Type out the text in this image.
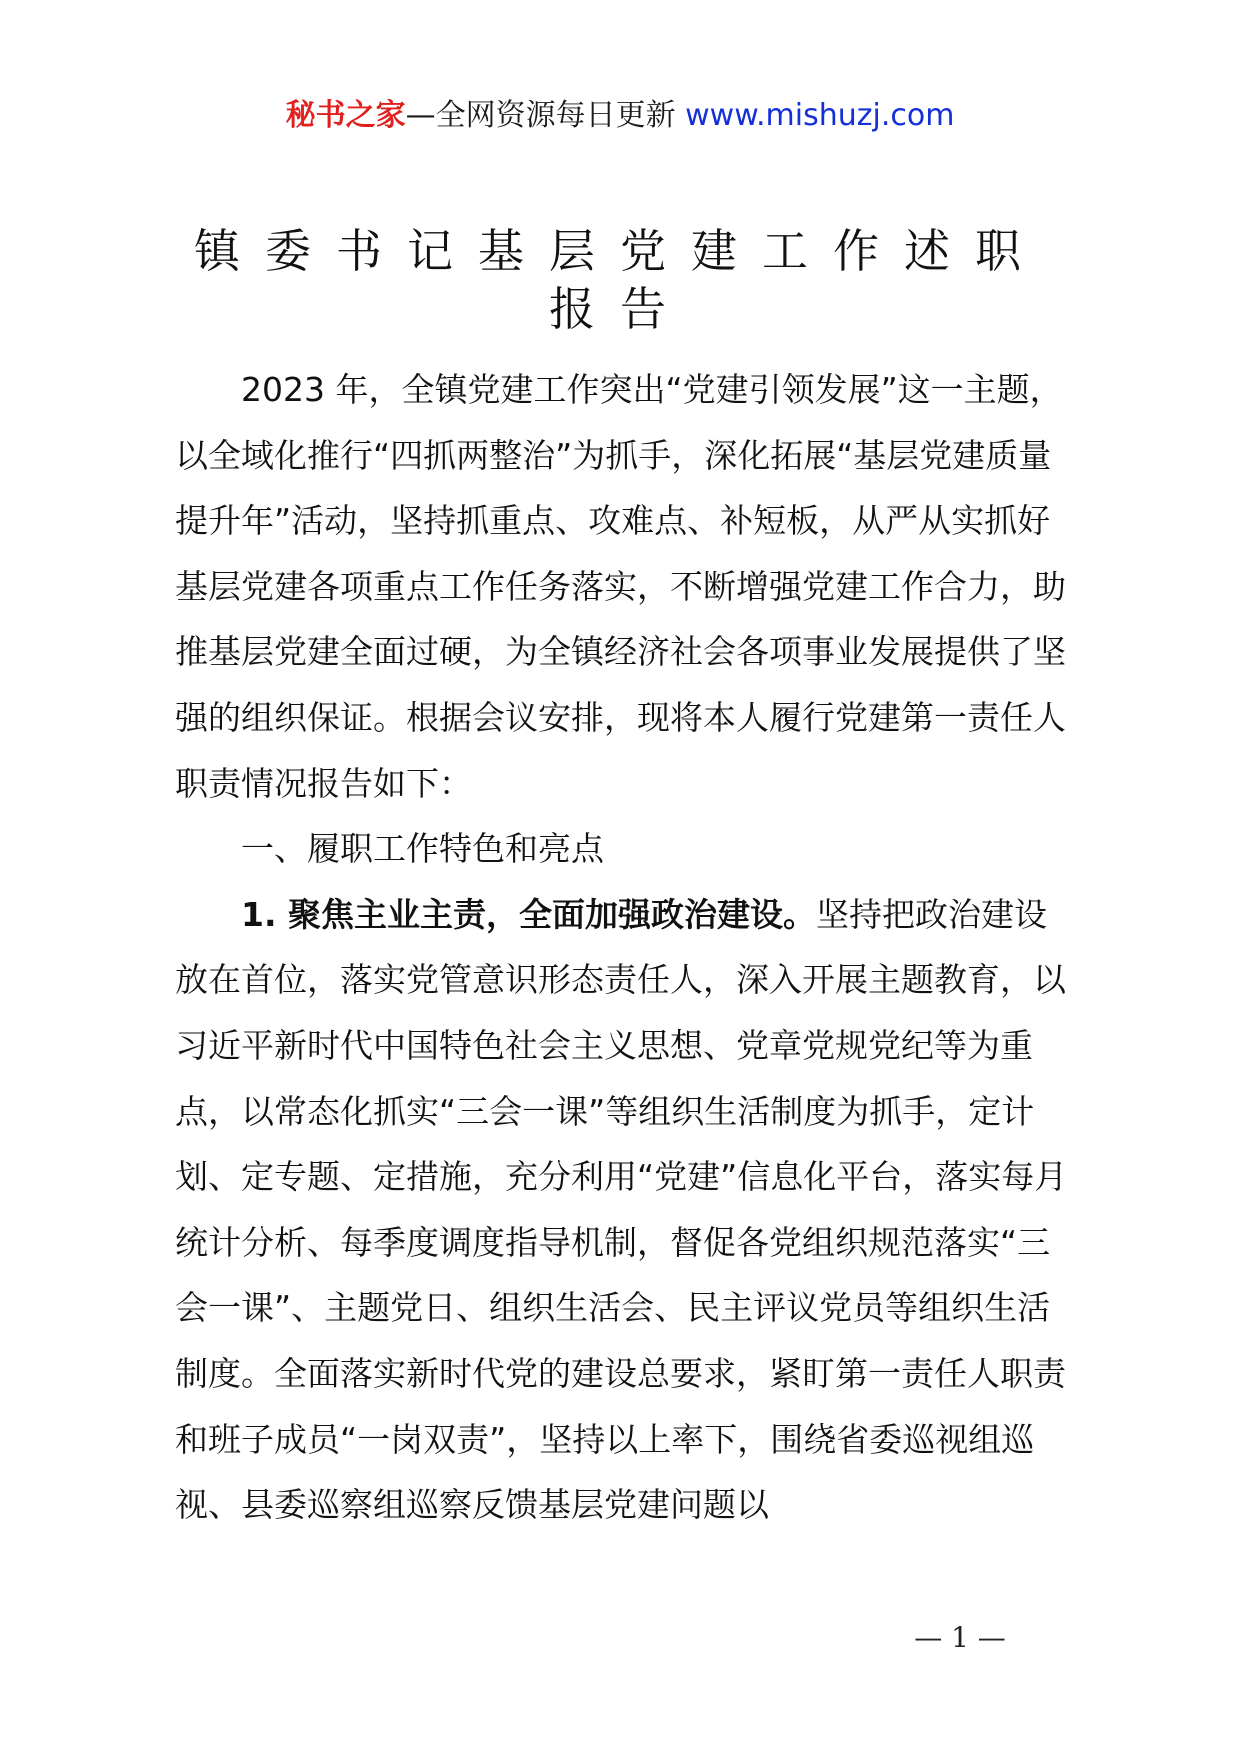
秘书之家—全网资源每日更新 www.mishuzj.com
镇委书记基层党建工作述职报告

2023 年，全镇党建工作突出“党建引领发展”这一主题，以全域化推行“四抓两整治”为抓手，深化拓展“基层党建质量提升年”活动，坚持抓重点、攻难点、补短板，从严从实抓好基层党建各项重点工作任务落实，不断增强党建工作合力，助推基层党建全面过硬，为全镇经济社会各项事业发展提供了坚强的组织保证。根据会议安排，现将本人履行党建第一责任人职责情况报告如下：

一、履职工作特色和亮点

1. 聚焦主业主责，全面加强政治建设。坚持把政治建设放在首位，落实党管意识形态责任人，深入开展主题教育，以习近平新时代中国特色社会主义思想、党章党规党纪等为重点，以常态化抓实“三会一课”等组织生活制度为抓手，定计划、定专题、定措施，充分利用“党建”信息化平台，落实每月统计分析、每季度调度指导机制，督促各党组织规范落实“三会一课”、主题党日、组织生活会、民主评议党员等组织生活制度。全面落实新时代党的建设总要求，紧盯第一责任人职责和班子成员“一岗双责”，坚持以上率下，围绕省委巡视组巡视、县委巡察组巡察反馈基层党建问题以

— 1 —
